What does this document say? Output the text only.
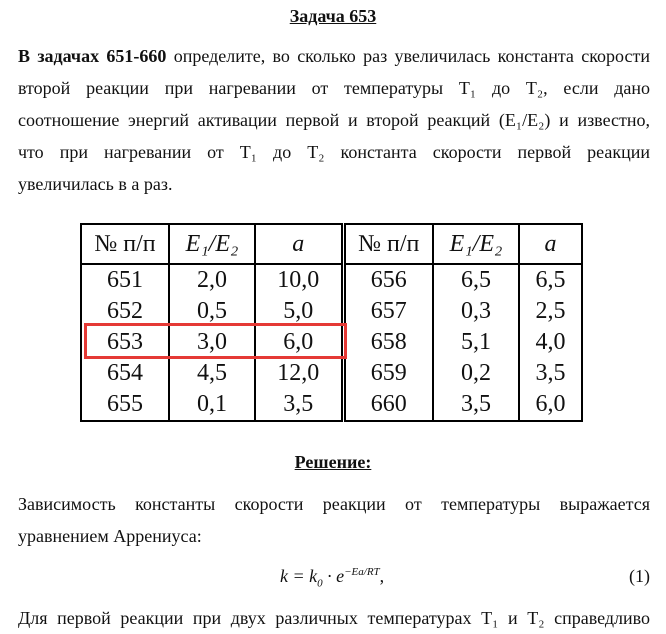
Задача 653
В задачах 651-660 определите, во сколько раз увеличилась константа скорости
второй реакции при нагревании от температуры Т₁ до Т₂, если дано
соотношение энергий активации первой и второй реакций (Е₁/Е₂) и известно,
что при нагревании от Т₁ до Т₂ константа скорости первой реакции
увеличилась в а раз.
№ п/п	E₁/E₂	a	№ п/п	E₁/E₂	a
651	2,0	10,0	656	6,5	6,5
652	0,5	5,0	657	0,3	2,5
653	3,0	6,0	658	5,1	4,0
654	4,5	12,0	659	0,2	3,5
655	0,1	3,5	660	3,5	6,0
Решение:
Зависимость константы скорости реакции от температуры выражается
уравнением Аррениуса:
$k = k_0 \cdot e^{-Ea/RT}$,	(1)
Для первой реакции при двух различных температурах Т₁ и Т₂ справедливо
